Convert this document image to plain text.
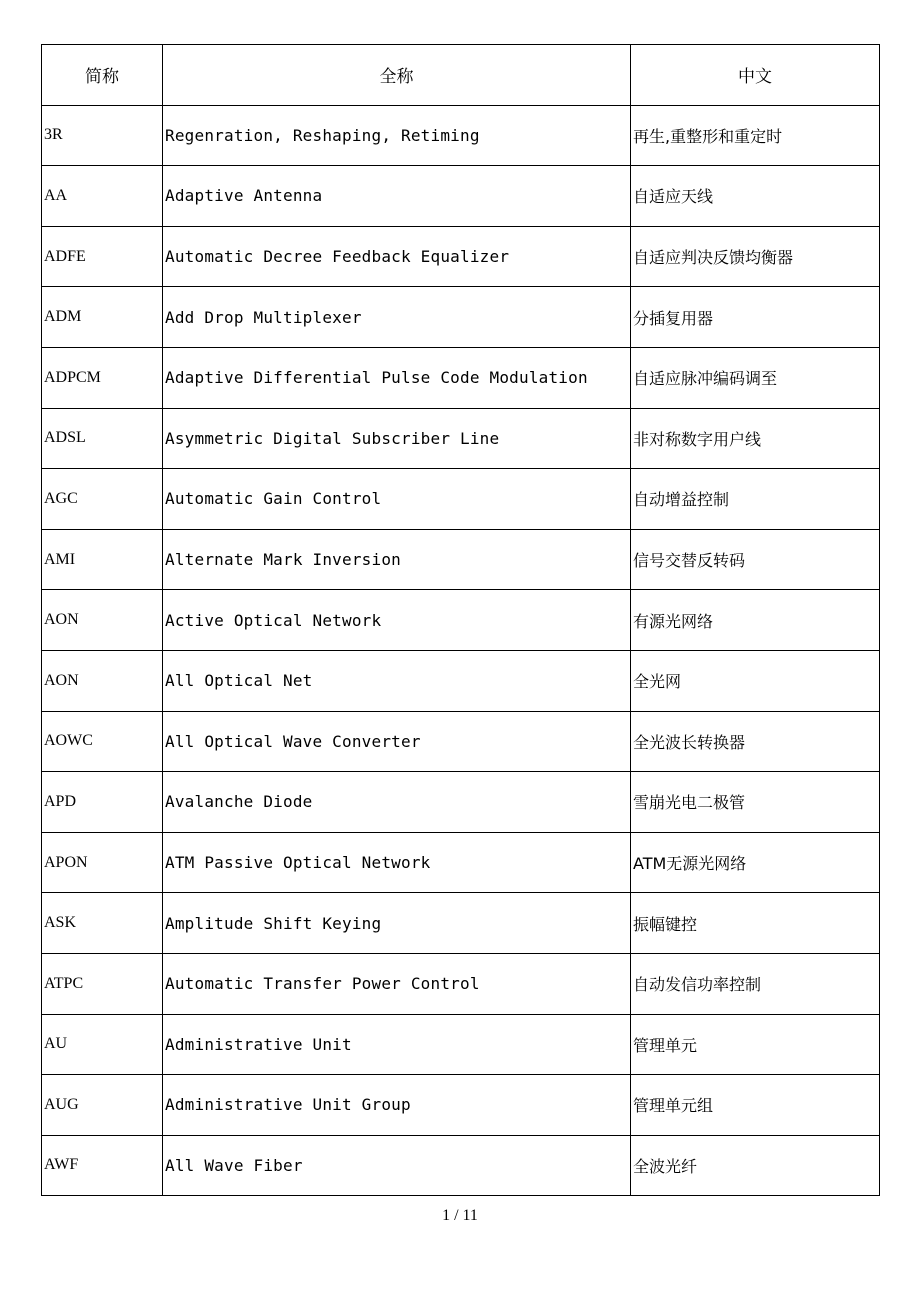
简称	全称	中文
3R	Regenration, Reshaping, Retiming	再生,重整形和重定时
AA	Adaptive Antenna	自适应天线
ADFE	Automatic Decree Feedback Equalizer	自适应判决反馈均衡器
ADM	Add Drop Multiplexer	分插复用器
ADPCM	Adaptive Differential Pulse Code Modulation	自适应脉冲编码调至
ADSL	Asymmetric Digital Subscriber Line	非对称数字用户线
AGC	Automatic Gain Control	自动增益控制
AMI	Alternate Mark Inversion	信号交替反转码
AON	Active Optical Network	有源光网络
AON	All Optical Net	全光网
AOWC	All Optical Wave Converter	全光波长转换器
APD	Avalanche Diode	雪崩光电二极管
APON	ATM Passive Optical Network	ATM无源光网络
ASK	Amplitude Shift Keying	振幅键控
ATPC	Automatic Transfer Power Control	自动发信功率控制
AU	Administrative Unit	管理单元
AUG	Administrative Unit Group	管理单元组
AWF	All Wave Fiber	全波光纤
1 / 11
